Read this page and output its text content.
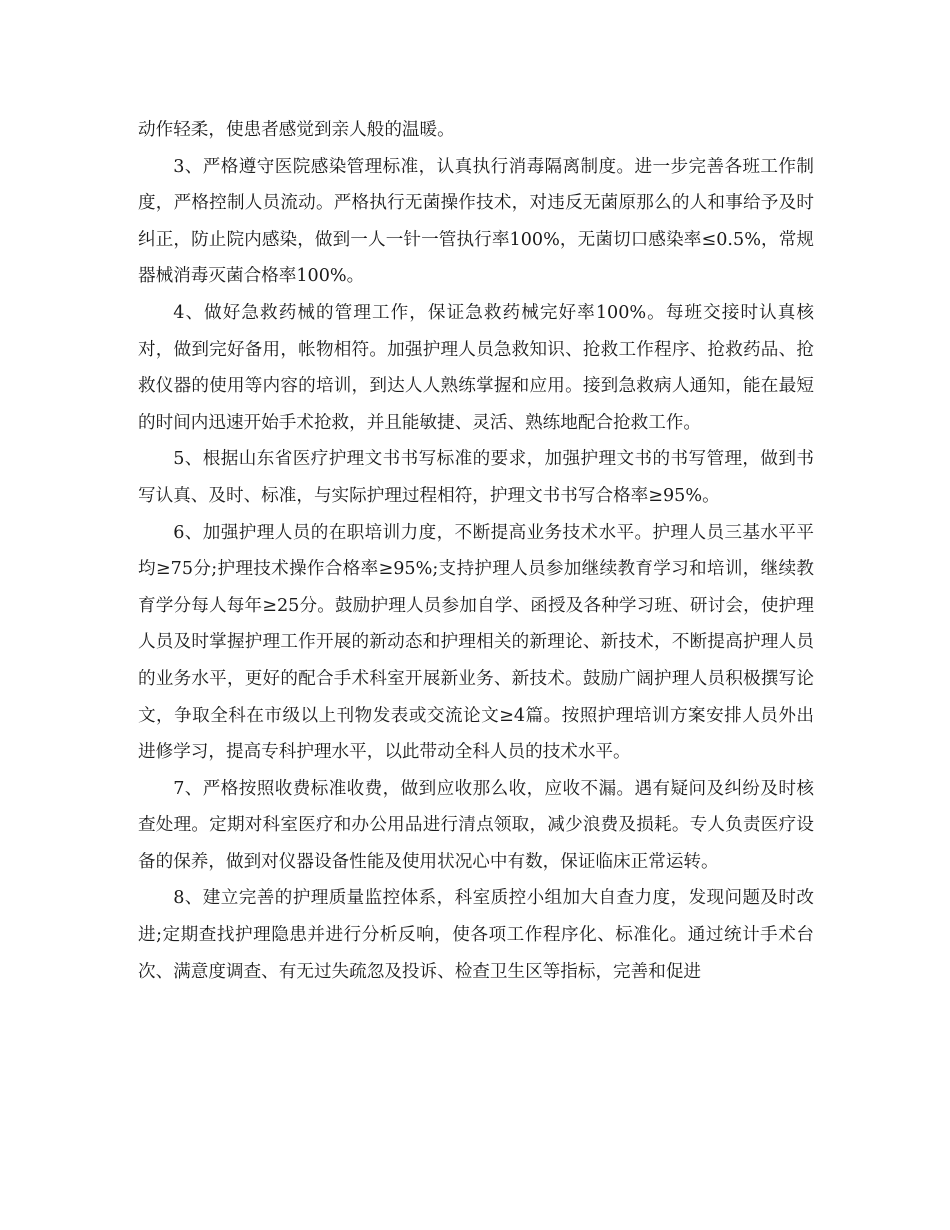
动作轻柔，使患者感觉到亲人般的温暖。

3、严格遵守医院感染管理标准，认真执行消毒隔离制度。进一步完善各班工作制度，严格控制人员流动。严格执行无菌操作技术，对违反无菌原那么的人和事给予及时纠正，防止院内感染，做到一人一针一管执行率100%，无菌切口感染率≤0.5%，常规器械消毒灭菌合格率100%。

4、做好急救药械的管理工作，保证急救药械完好率100%。每班交接时认真核对，做到完好备用，帐物相符。加强护理人员急救知识、抢救工作程序、抢救药品、抢救仪器的使用等内容的培训，到达人人熟练掌握和应用。接到急救病人通知，能在最短的时间内迅速开始手术抢救，并且能敏捷、灵活、熟练地配合抢救工作。

5、根据山东省医疗护理文书书写标准的要求，加强护理文书的书写管理，做到书写认真、及时、标准，与实际护理过程相符，护理文书书写合格率≥95%。

6、加强护理人员的在职培训力度，不断提高业务技术水平。护理人员三基水平平均≥75分;护理技术操作合格率≥95%;支持护理人员参加继续教育学习和培训，继续教育学分每人每年≥25分。鼓励护理人员参加自学、函授及各种学习班、研讨会，使护理人员及时掌握护理工作开展的新动态和护理相关的新理论、新技术，不断提高护理人员的业务水平，更好的配合手术科室开展新业务、新技术。鼓励广阔护理人员积极撰写论文，争取全科在市级以上刊物发表或交流论文≥4篇。按照护理培训方案安排人员外出进修学习，提高专科护理水平，以此带动全科人员的技术水平。

7、严格按照收费标准收费，做到应收那么收，应收不漏。遇有疑问及纠纷及时核查处理。定期对科室医疗和办公用品进行清点领取，减少浪费及损耗。专人负责医疗设备的保养，做到对仪器设备性能及使用状况心中有数，保证临床正常运转。

8、建立完善的护理质量监控体系，科室质控小组加大自查力度，发现问题及时改进;定期查找护理隐患并进行分析反响，使各项工作程序化、标准化。通过统计手术台次、满意度调查、有无过失疏忽及投诉、检查卫生区等指标，完善和促进
